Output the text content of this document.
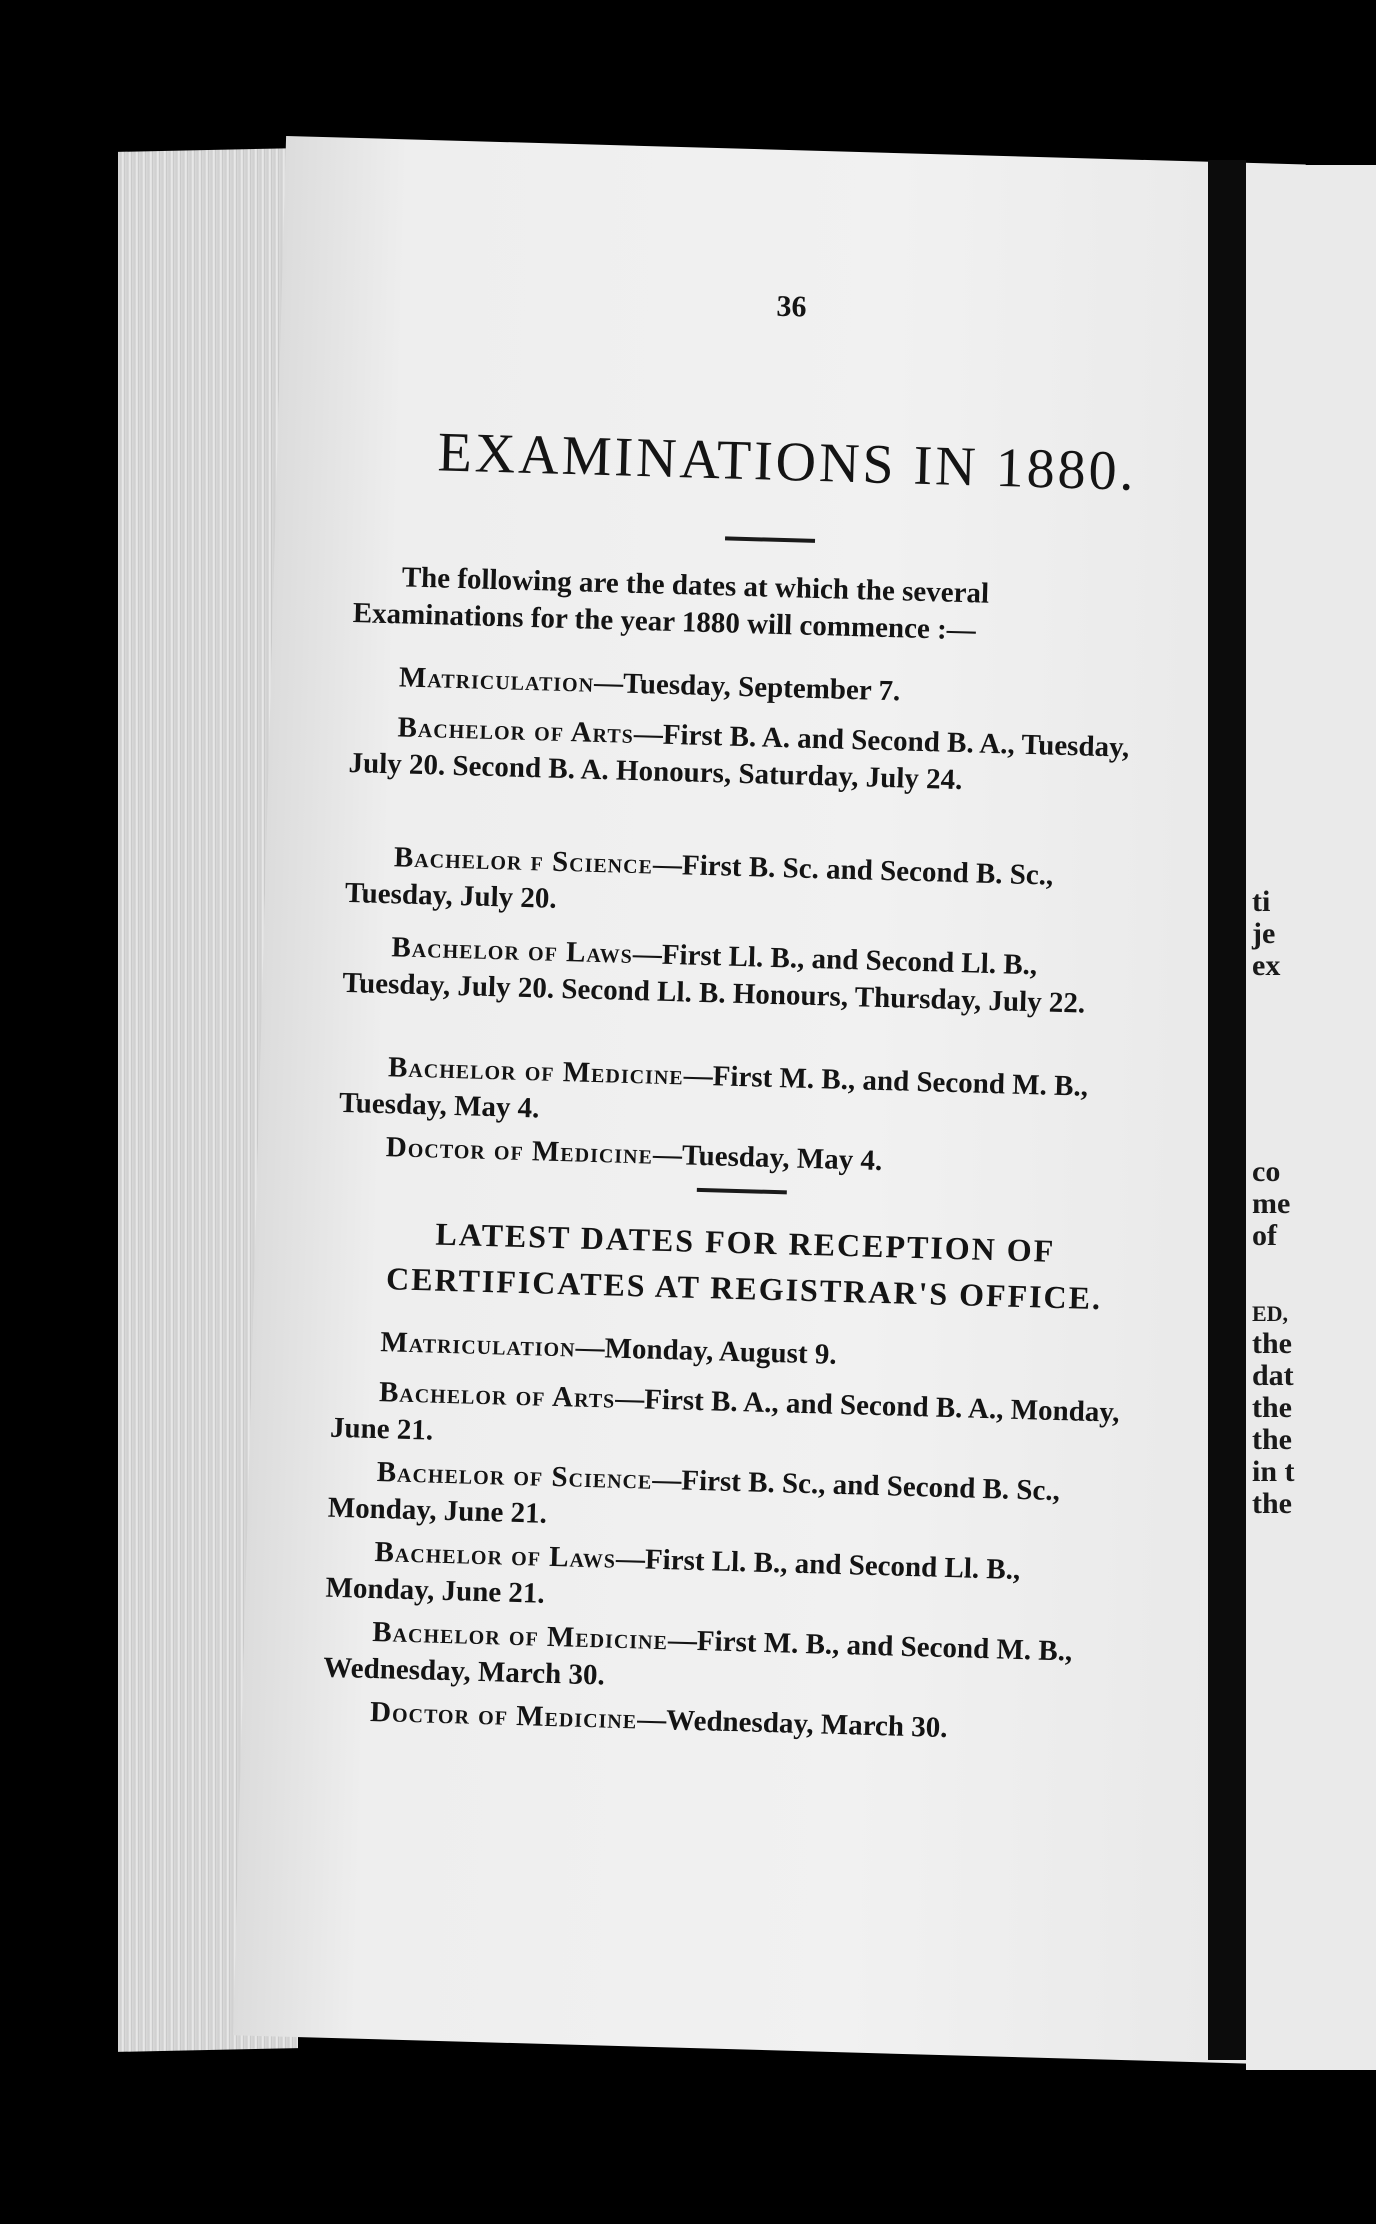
36
EXAMINATIONS IN 1880.
The following are the dates at which the several Examinations for the year 1880 will commence :—
Matriculation—Tuesday, September 7.
Bachelor of Arts—First B. A. and Second B. A., Tuesday, July 20. Second B. A. Honours, Saturday, July 24.
Bachelor f Science—First B. Sc. and Second B. Sc., Tuesday, July 20.
Bachelor of Laws—First Ll. B., and Second Ll. B., Tuesday, July 20. Second Ll. B. Honours, Thursday, July 22.
Bachelor of Medicine—First M. B., and Second M. B., Tuesday, May 4.
Doctor of Medicine—Tuesday, May 4.
LATEST DATES FOR RECEPTION OF CERTIFICATES AT REGISTRAR'S OFFICE.
Matriculation—Monday, August 9.
Bachelor of Arts—First B. A., and Second B. A., Monday, June 21.
Bachelor of Science—First B. Sc., and Second B. Sc., Monday, June 21.
Bachelor of Laws—First Ll. B., and Second Ll. B., Monday, June 21.
Bachelor of Medicine—First M. B., and Second M. B., Wednesday, March 30.
Doctor of Medicine—Wednesday, March 30.
ti
je
ex
co
me
of
ED,
the
dat
the
the
in t
the
